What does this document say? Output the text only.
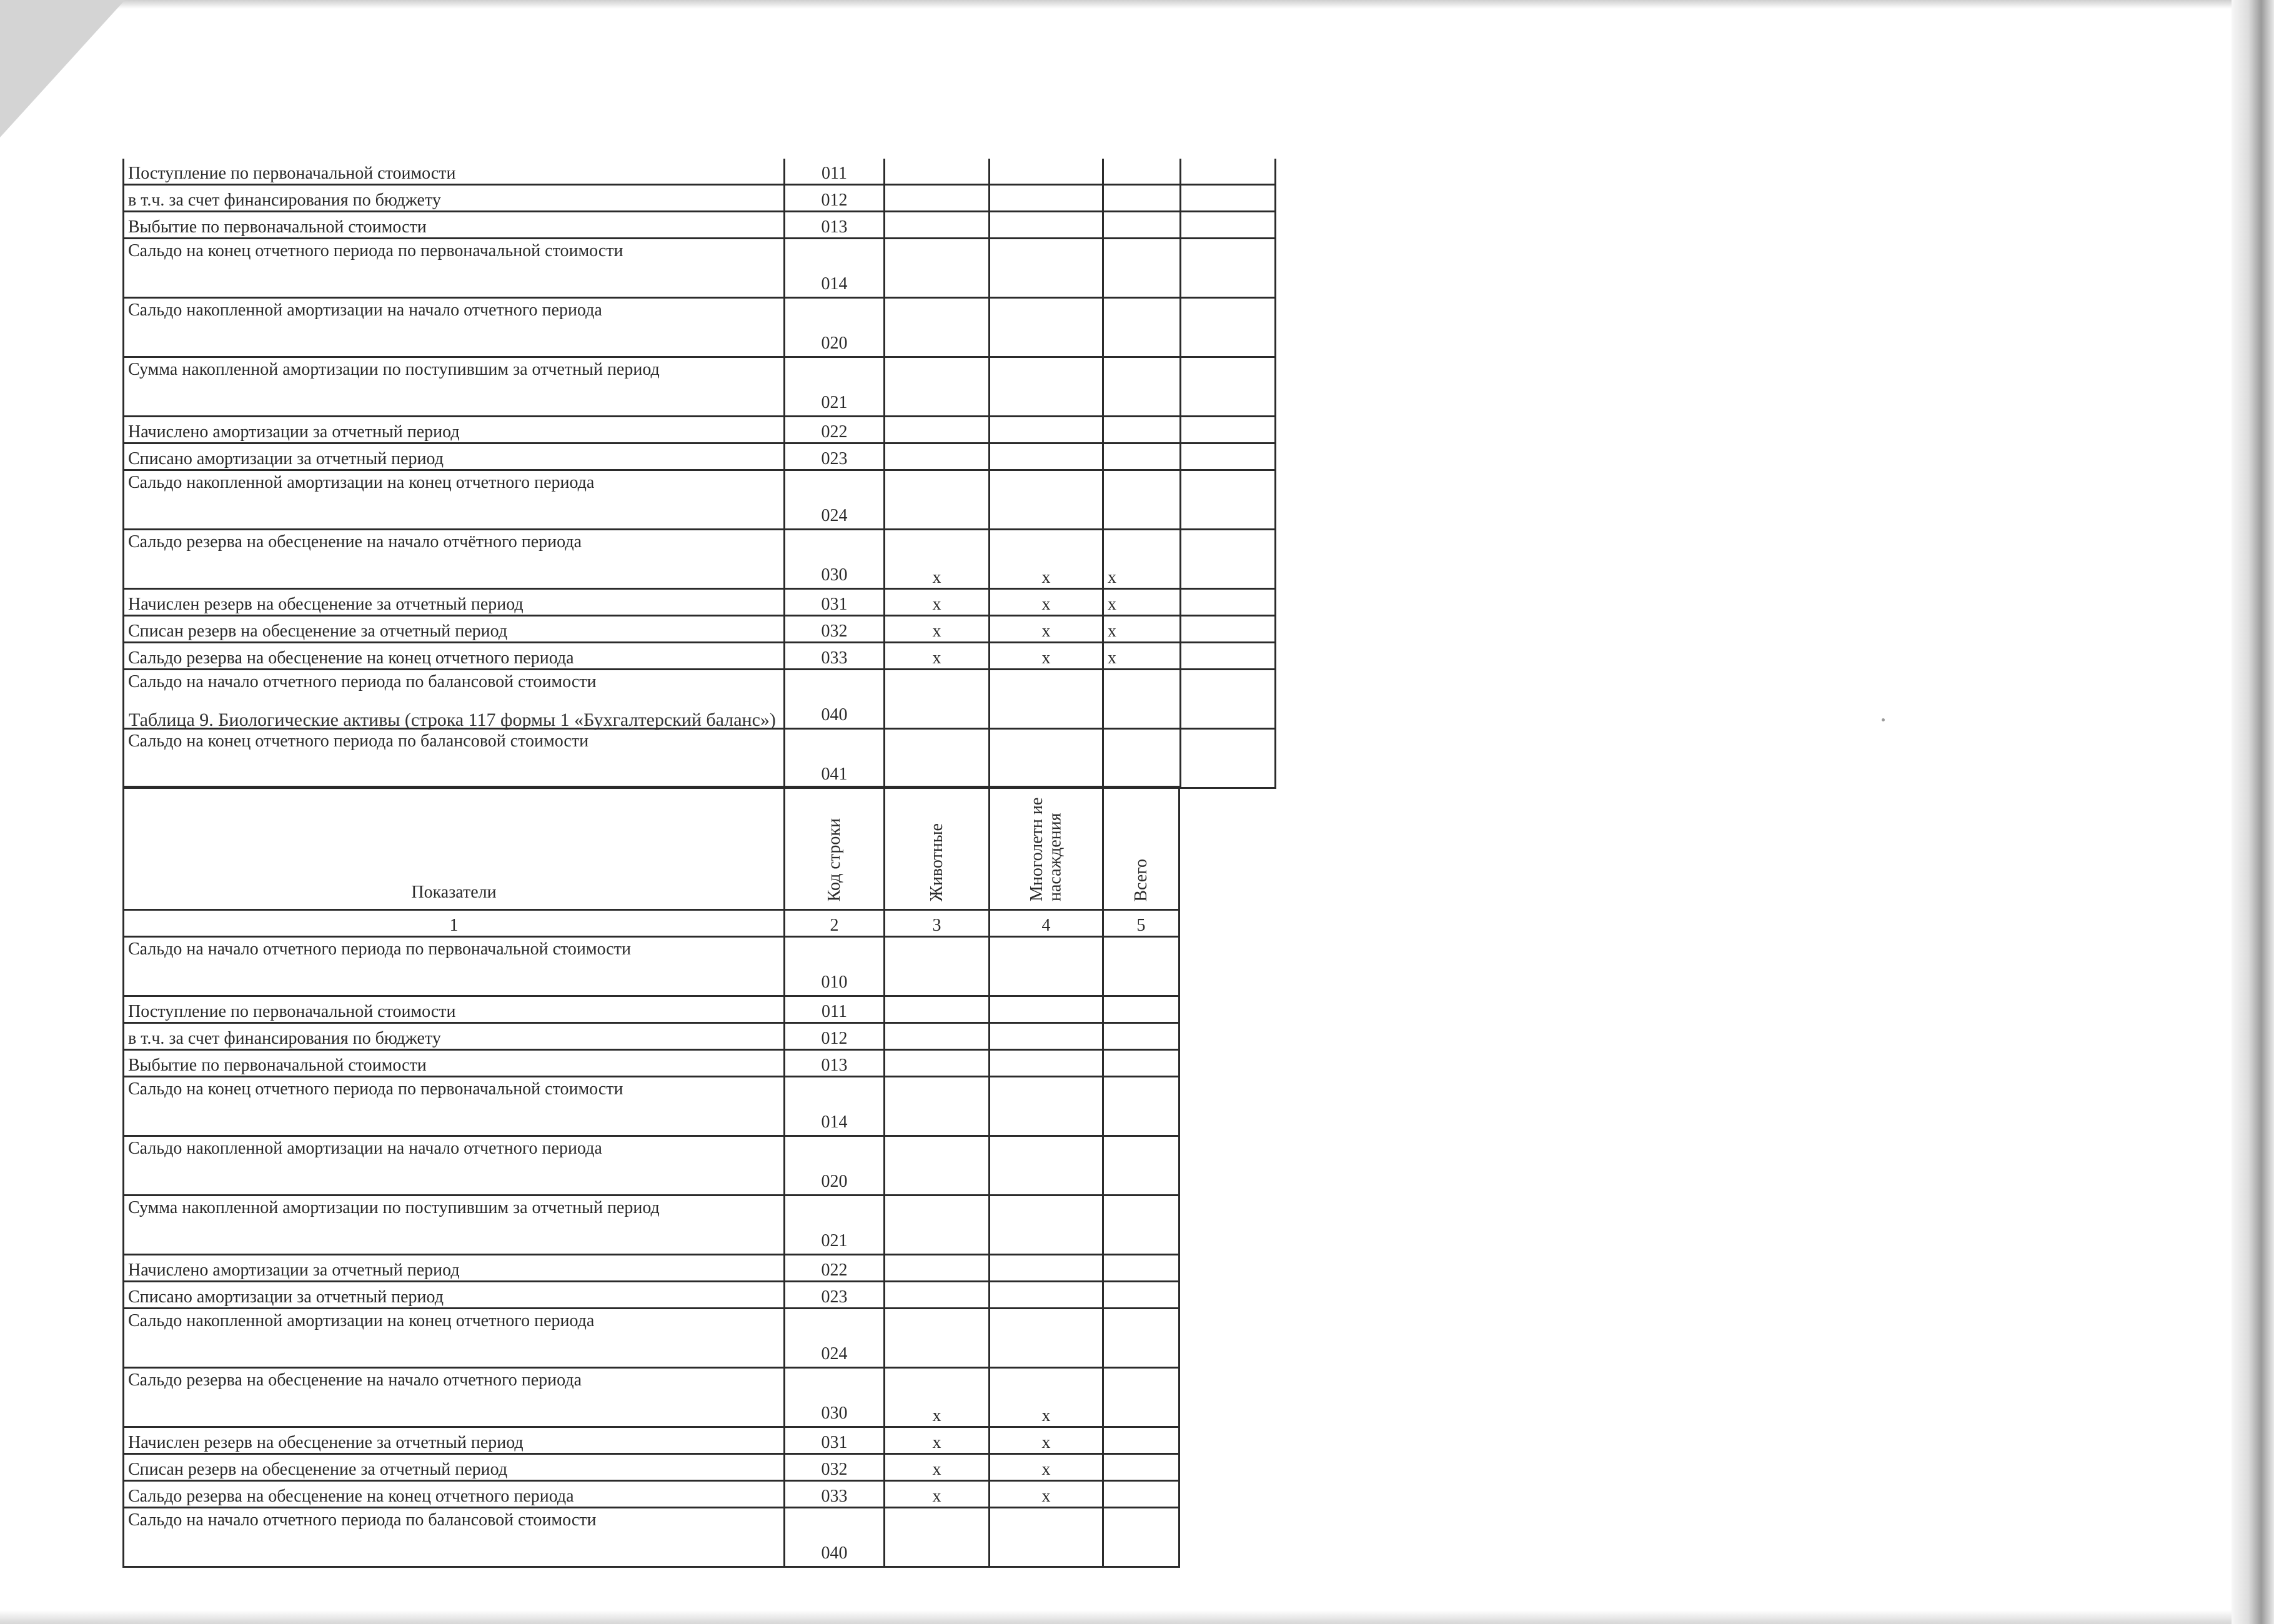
Поступление по первоначальной стоимости	011				
в т.ч. за счет финансирования по бюджету	012				
Выбытие по первоначальной стоимости	013				
Сальдо на конец отчетного периода по первоначальной стоимости	014				
Сальдо накопленной амортизации на начало отчетного периода	020				
Сумма накопленной амортизации по поступившим за отчетный период	021				
Начислено амортизации за отчетный период	022				
Списано амортизации за отчетный период	023				
Сальдо накопленной амортизации на конец отчетного периода	024				
Сальдо резерва на обесценение на начало отчётного периода	030	x	x	x	
Начислен резерв на обесценение за отчетный период	031	x	x	x	
Списан резерв на обесценение за отчетный период	032	x	x	x	
Сальдо резерва на обесценение на конец отчетного периода	033	x	x	x	
Сальдо на начало отчетного периода по балансовой стоимости	040				
Сальдо на конец отчетного периода по балансовой стоимости	041				
Таблица 9. Биологические активы (строка 117 формы 1 «Бухгалтерский баланс»)
Показатели	Код строки	Животные	Многолетн ие насаждения	Всего
1	2	3	4	5
Сальдо на начало отчетного периода по первоначальной стоимости	010			
Поступление по первоначальной стоимости	011			
в т.ч. за счет финансирования по бюджету	012			
Выбытие по первоначальной стоимости	013			
Сальдо на конец отчетного периода по первоначальной стоимости	014			
Сальдо накопленной амортизации на начало отчетного периода	020			
Сумма накопленной амортизации по поступившим за отчетный период	021			
Начислено амортизации за отчетный период	022			
Списано амортизации за отчетный период	023			
Сальдо накопленной амортизации на конец отчетного периода	024			
Сальдо резерва на обесценение на начало отчетного периода	030	x	x	
Начислен резерв на обесценение за отчетный период	031	x	x	
Списан резерв на обесценение за отчетный период	032	x	x	
Сальдо резерва на обесценение на конец отчетного периода	033	x	x	
Сальдо на начало отчетного периода по балансовой стоимости	040			
